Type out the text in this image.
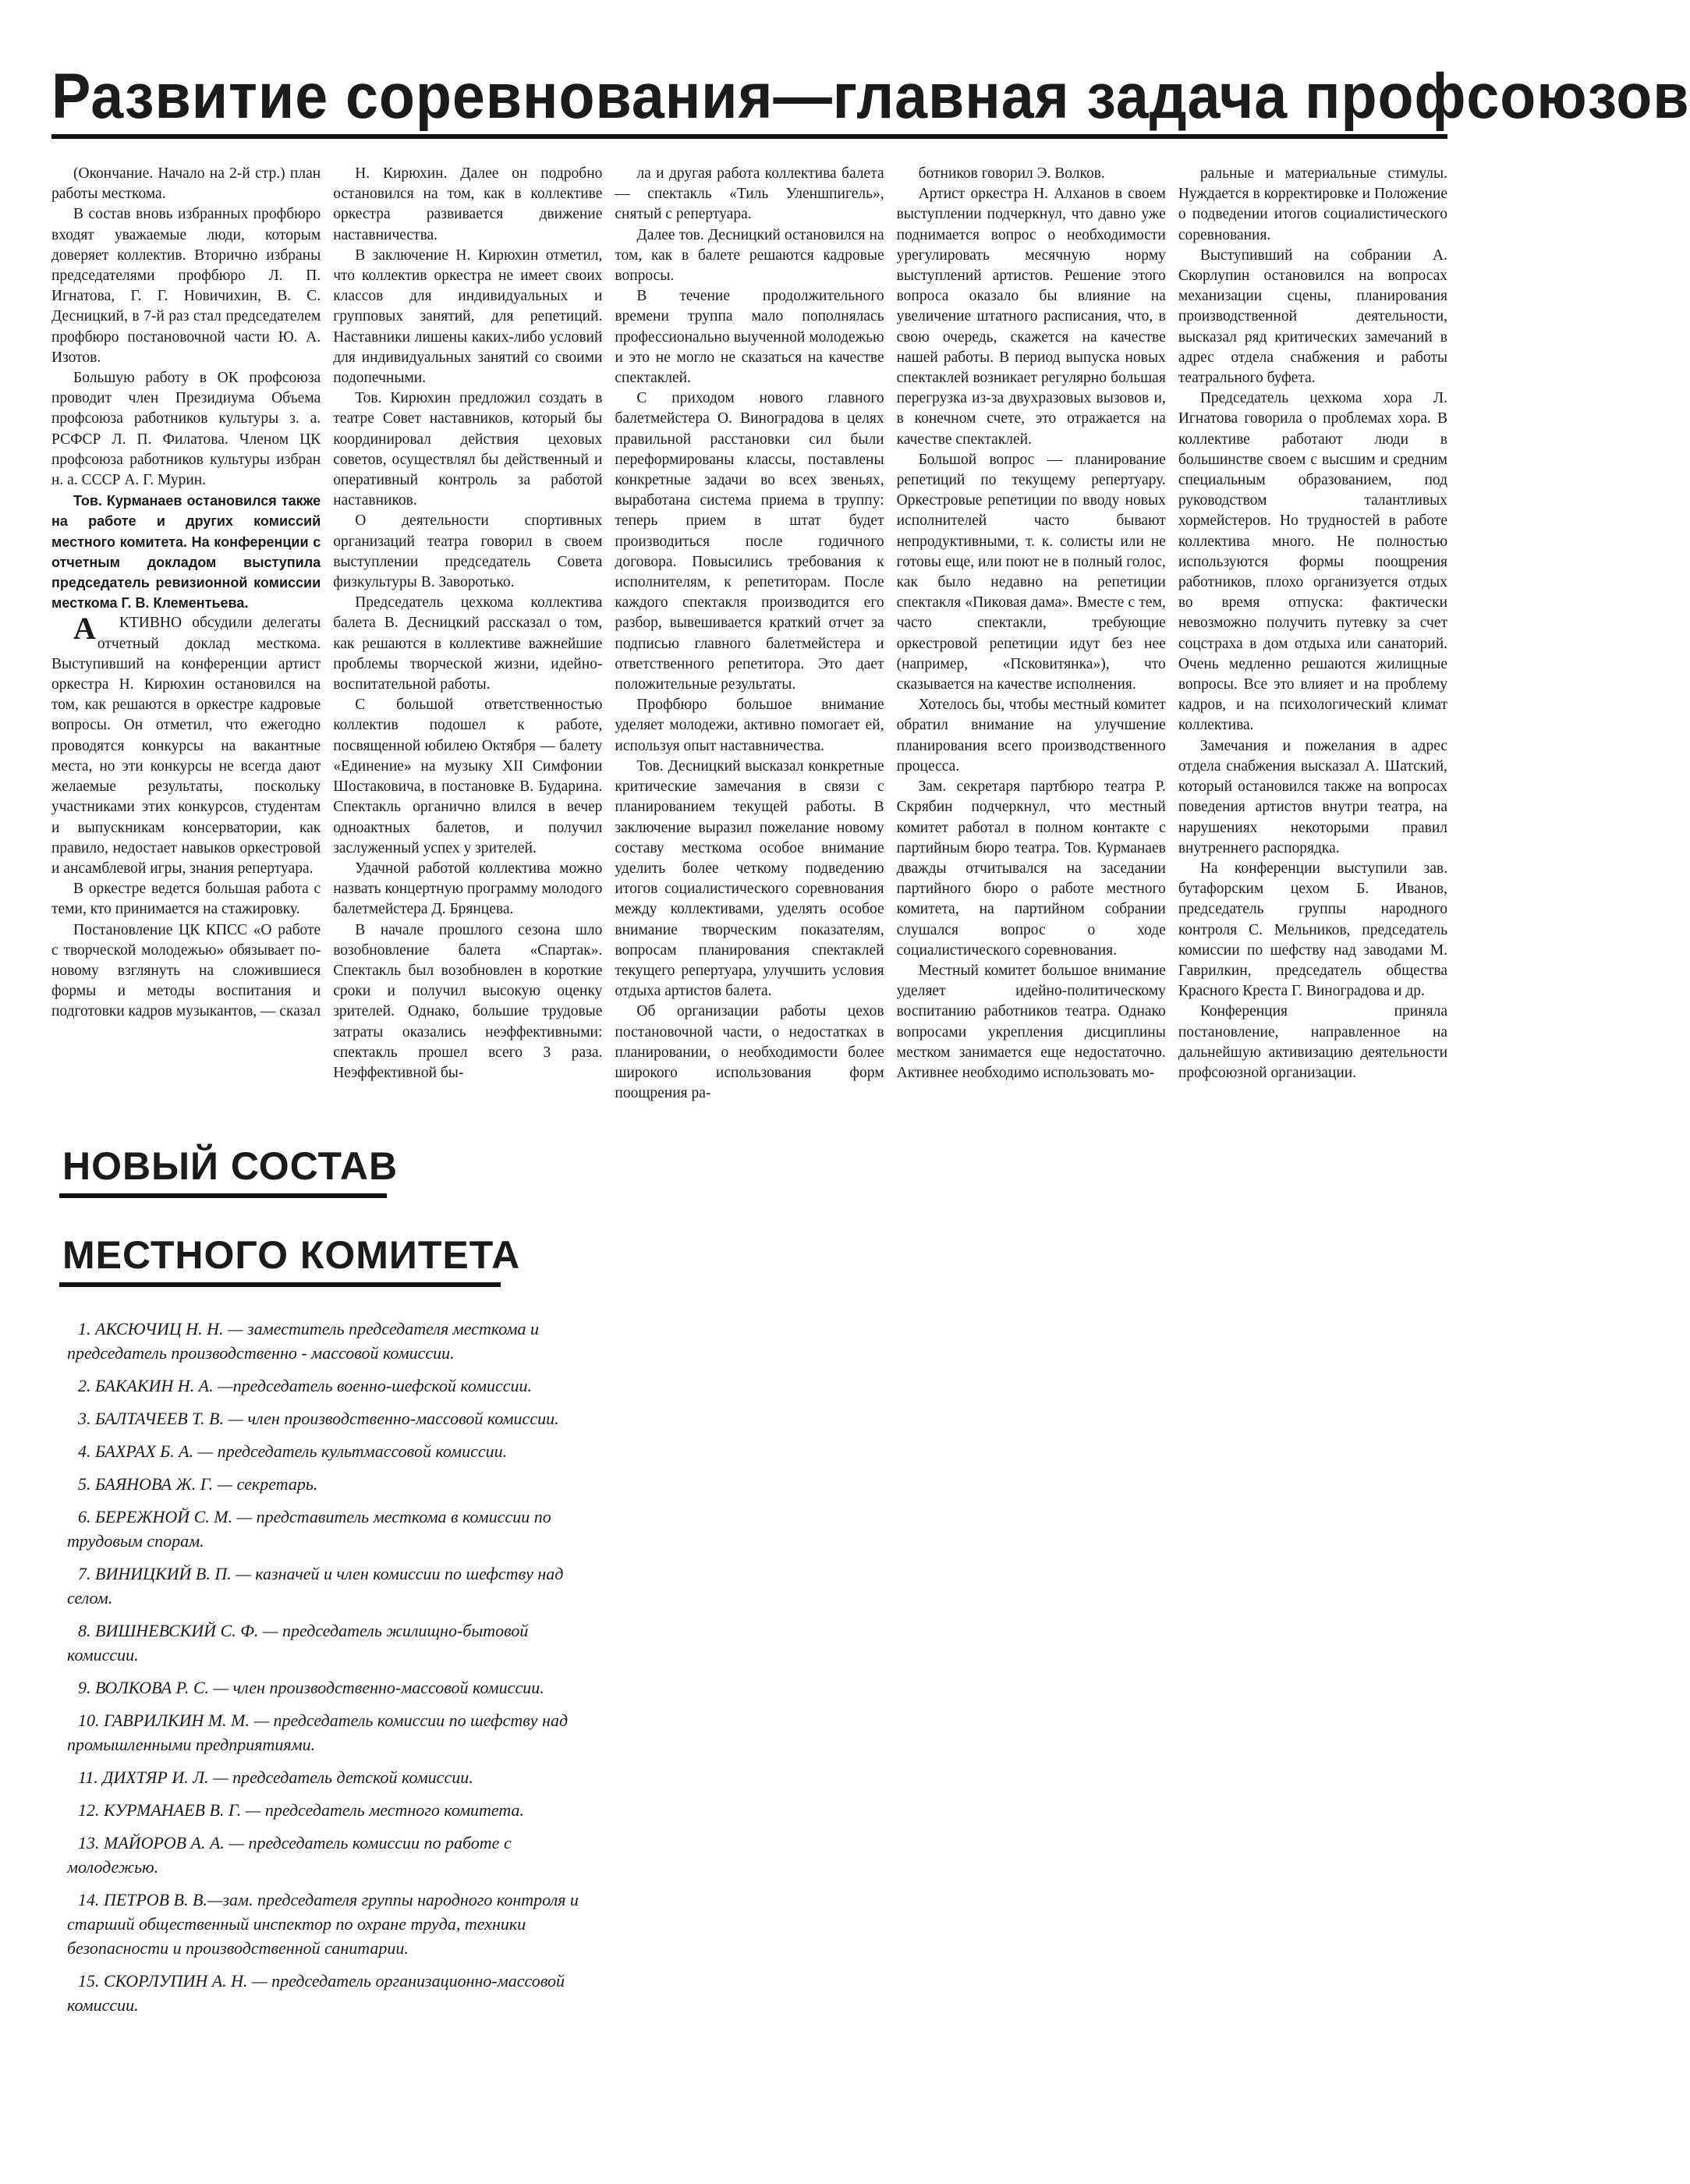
Развитие соревнования—главная задача профсоюзов

(Окончание. Начало на 2-й стр.) план работы месткома.

В состав вновь избранных профбюро входят уважаемые люди, которым доверяет коллектив. Вторично избраны председателями профбюро Л. П. Игнатова, Г. Г. Новичихин, В. С. Десницкий, в 7-й раз стал председателем профбюро постановочной части Ю. А. Изотов.

Большую работу в ОК профсоюза проводит член Президиума Объема профсоюза работников культуры з. а. РСФСР Л. П. Филатова. Членом ЦК профсоюза работников культуры избран н. а. СССР А. Г. Мурин.

Тов. Курманаев остановился также на работе и других комиссий местного комитета. На конференции с отчетным докладом выступила председатель ревизионной комиссии месткома Г. В. Клементьева.

АКТИВНО обсудили делегаты отчетный доклад месткома. Выступивший на конференции артист оркестра Н. Кирюхин остановился на том, как решаются в оркестре кадровые вопросы. Он отметил, что ежегодно проводятся конкурсы на вакантные места, но эти конкурсы не всегда дают желаемые результаты, поскольку участниками этих конкурсов, студентам и выпускникам консерватории, как правило, недостает навыков оркестровой и ансамблевой игры, знания репертуара.

В оркестре ведется большая работа с теми, кто принимается на стажировку.

Постановление ЦК КПСС «О работе с творческой молодежью» обязывает по-новому взглянуть на сложившиеся формы и методы воспитания и подготовки кадров музыкантов, — сказал

Н. Кирюхин. Далее он подробно остановился на том, как в коллективе оркестра развивается движение наставничества.

В заключение Н. Кирюхин отметил, что коллектив оркестра не имеет своих классов для индивидуальных и групповых занятий, для репетиций. Наставники лишены каких-либо условий для индивидуальных занятий со своими подопечными.

Тов. Кирюхин предложил создать в театре Совет наставников, который бы координировал действия цеховых советов, осуществлял бы действенный и оперативный контроль за работой наставников.

О деятельности спортивных организаций театра говорил в своем выступлении председатель Совета физкультуры В. Заворотько.

Председатель цехкома коллектива балета В. Десницкий рассказал о том, как решаются в коллективе важнейшие проблемы творческой жизни, идейно-воспитательной работы.

С большой ответственностью коллектив подошел к работе, посвященной юбилею Октября — балету «Единение» на музыку XII Симфонии Шостаковича, в постановке В. Бударина. Спектакль органично влился в вечер одноактных балетов, и получил заслуженный успех у зрителей.

Удачной работой коллектива можно назвать концертную программу молодого балетмейстера Д. Брянцева.

В начале прошлого сезона шло возобновление балета «Спартак». Спектакль был возобновлен в короткие сроки и получил высокую оценку зрителей. Однако, большие трудовые затраты оказались неэффективными: спектакль прошел всего 3 раза. Неэффективной бы-

ла и другая работа коллектива балета — спектакль «Тиль Уленшпигель», снятый с репертуара.

Далее тов. Десницкий остановился на том, как в балете решаются кадровые вопросы.

В течение продолжительного времени труппа мало пополнялась профессионально выученной молодежью и это не могло не сказаться на качестве спектаклей.

С приходом нового главного балетмейстера О. Виноградова в целях правильной расстановки сил были переформированы классы, поставлены конкретные задачи во всех звеньях, выработана система приема в труппу: теперь прием в штат будет производиться после годичного договора. Повысились требования к исполнителям, к репетиторам. После каждого спектакля производится его разбор, вывешивается краткий отчет за подписью главного балетмейстера и ответственного репетитора. Это дает положительные результаты.

Профбюро большое внимание уделяет молодежи, активно помогает ей, используя опыт наставничества.

Тов. Десницкий высказал конкретные критические замечания в связи с планированием текущей работы. В заключение выразил пожелание новому составу месткома особое внимание уделить более четкому подведению итогов социалистического соревнования между коллективами, уделять особое внимание творческим показателям, вопросам планирования спектаклей текущего репертуара, улучшить условия отдыха артистов балета.

Об организации работы цехов постановочной части, о недостатках в планировании, о необходимости более широкого использования форм поощрения ра-

ботников говорил Э. Волков.

Артист оркестра Н. Алханов в своем выступлении подчеркнул, что давно уже поднимается вопрос о необходимости урегулировать месячную норму выступлений артистов. Решение этого вопроса оказало бы влияние на увеличение штатного расписания, что, в свою очередь, скажется на качестве нашей работы. В период выпуска новых спектаклей возникает регулярно большая перегрузка из-за двухразовых вызовов и, в конечном счете, это отражается на качестве спектаклей.

Большой вопрос — планирование репетиций по текущему репертуару. Оркестровые репетиции по вводу новых исполнителей часто бывают непродуктивными, т. к. солисты или не готовы еще, или поют не в полный голос, как было недавно на репетиции спектакля «Пиковая дама». Вместе с тем, часто спектакли, требующие оркестровой репетиции идут без нее (например, «Псковитянка»), что сказывается на качестве исполнения.

Хотелось бы, чтобы местный комитет обратил внимание на улучшение планирования всего производственного процесса.

Зам. секретаря партбюро театра Р. Скрябин подчеркнул, что местный комитет работал в полном контакте с партийным бюро театра. Тов. Курманаев дважды отчитывался на заседании партийного бюро о работе местного комитета, на партийном собрании слушался вопрос о ходе социалистического соревнования.

Местный комитет большое внимание уделяет идейно-политическому воспитанию работников театра. Однако вопросами укрепления дисциплины местком занимается еще недостаточно. Активнее необходимо использовать мо-

ральные и материальные стимулы. Нуждается в корректировке и Положение о подведении итогов социалистического соревнования.

Выступивший на собрании А. Скорлупин остановился на вопросах механизации сцены, планирования производственной деятельности, высказал ряд критических замечаний в адрес отдела снабжения и работы театрального буфета.

Председатель цехкома хора Л. Игнатова говорила о проблемах хора. В коллективе работают люди в большинстве своем с высшим и средним специальным образованием, под руководством талантливых хормейстеров. Но трудностей в работе коллектива много. Не полностью используются формы поощрения работников, плохо организуется отдых во время отпуска: фактически невозможно получить путевку за счет соцстраха в дом отдыха или санаторий. Очень медленно решаются жилищные вопросы. Все это влияет и на проблему кадров, и на психологический климат коллектива.

Замечания и пожелания в адрес отдела снабжения высказал А. Шатский, который остановился также на вопросах поведения артистов внутри театра, на нарушениях некоторыми правил внутреннего распорядка.

На конференции выступили зав. бутафорским цехом Б. Иванов, председатель группы народного контроля С. Мельников, председатель комиссии по шефству над заводами М. Гаврилкин, председатель общества Красного Креста Г. Виноградова и др.

Конференция приняла постановление, направленное на дальнейшую активизацию деятельности профсоюзной организации.

НОВЫЙ СОСТАВ
МЕСТНОГО КОМИТЕТА

1. АКСЮЧИЦ Н. Н. — заместитель председателя месткома и председатель производственно - массовой комиссии.

2. БАКАКИН Н. А. —председатель военно-шефской комиссии.

3. БАЛТАЧЕЕВ Т. В. — член производственно-массовой комиссии.

4. БАХРАХ Б. А. — председатель культмассовой комиссии.

5. БАЯНОВА Ж. Г. — секретарь.

6. БЕРЕЖНОЙ С. М. — представитель месткома в комиссии по трудовым спорам.

7. ВИНИЦКИЙ В. П. — казначей и член комиссии по шефству над селом.

8. ВИШНЕВСКИЙ С. Ф. — председатель жилищно-бытовой комиссии.

9. ВОЛКОВА Р. С. — член производственно-массовой комиссии.

10. ГАВРИЛКИН М. М. — председатель комиссии по шефству над промышленными предприятиями.

11. ДИХТЯР И. Л. — председатель детской комиссии.

12. КУРМАНАЕВ В. Г. — председатель местного комитета.

13. МАЙОРОВ А. А. — председатель комиссии по работе с молодежью.

14. ПЕТРОВ В. В.—зам. председателя группы народного контроля и старший общественный инспектор по охране труда, техники безопасности и производственной санитарии.

15. СКОРЛУПИН А. Н. — председатель организационно-массовой комиссии.
